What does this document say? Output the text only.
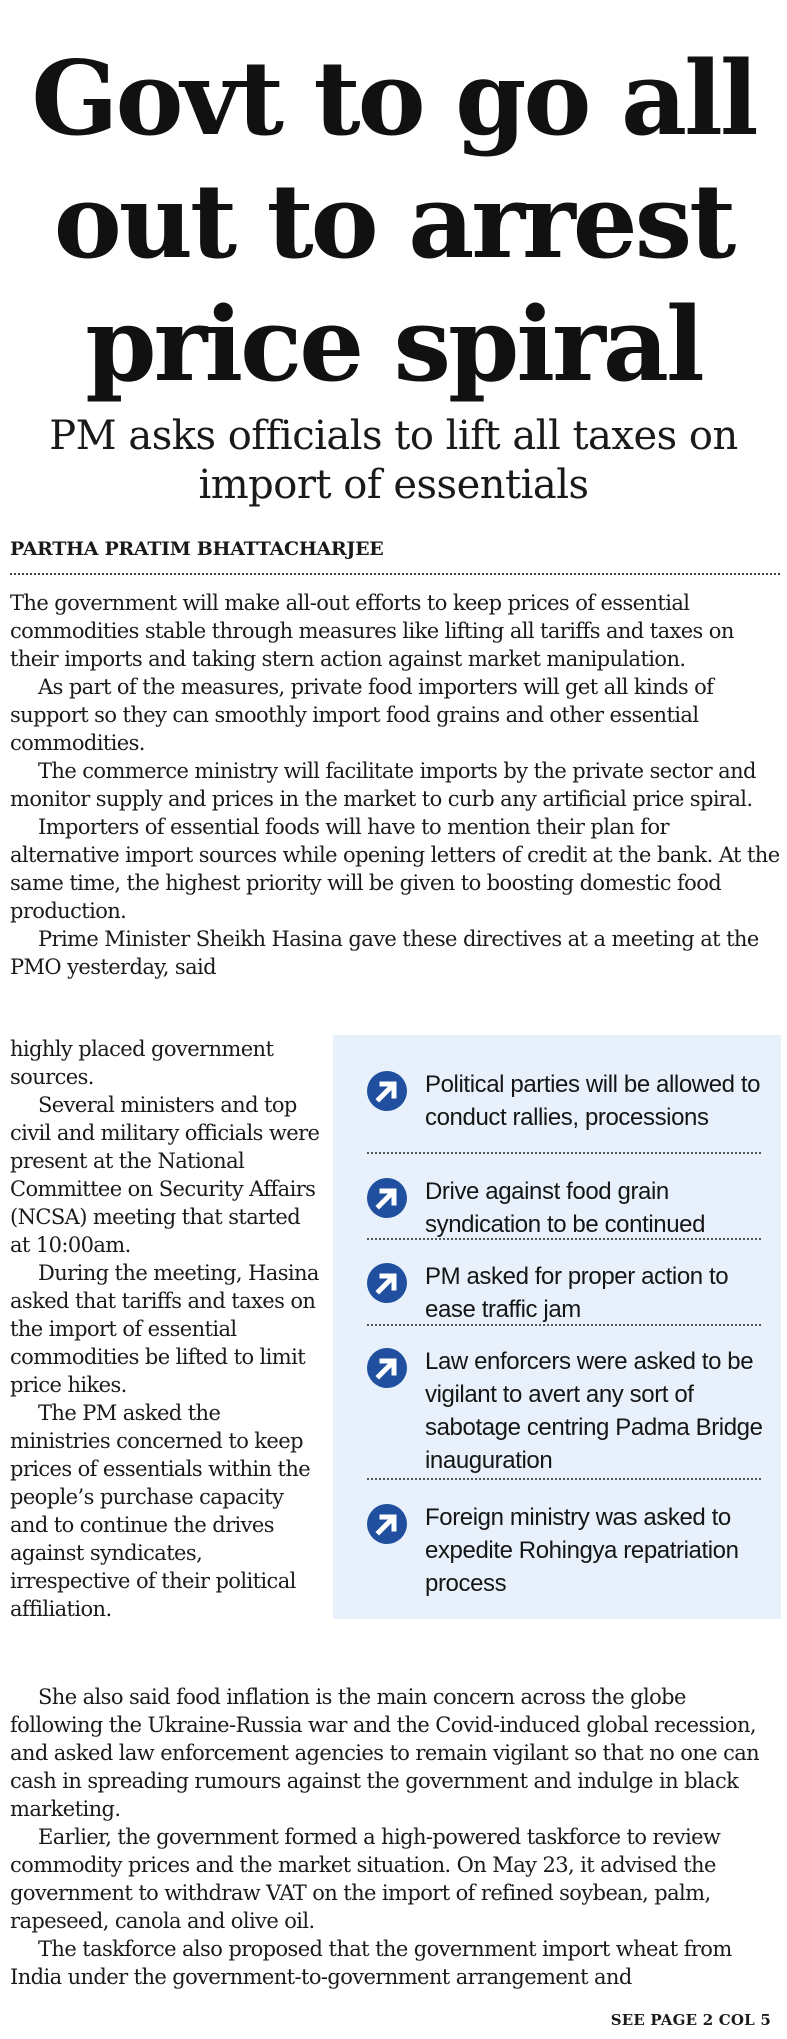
Govt to go all out to arrest price spiral
PM asks officials to lift all taxes on import of essentials
PARTHA PRATIM BHATTACHARJEE

The government will make all-out efforts to keep prices of essential commodities stable through measures like lifting all tariffs and taxes on their imports and taking stern action against market manipulation.

As part of the measures, private food importers will get all kinds of support so they can smoothly import food grains and other essential commodities.

The commerce ministry will facilitate imports by the private sector and monitor supply and prices in the market to curb any artificial price spiral.

Importers of essential foods will have to mention their plan for alternative import sources while opening letters of credit at the bank. At the same time, the highest priority will be given to boosting domestic food production.

Prime Minister Sheikh Hasina gave these directives at a meeting at the PMO yesterday, said

highly placed government sources.

Several ministers and top civil and military officials were present at the National Committee on Security Affairs (NCSA) meeting that started at 10:00am.

During the meeting, Hasina asked that tariffs and taxes on the import of essential commodities be lifted to limit price hikes.

The PM asked the ministries concerned to keep prices of essentials within the people’s purchase capacity and to continue the drives against syndicates, irrespective of their political affiliation.

Political parties will be allowed to conduct rallies, processions
Drive against food grain syndication to be continued
PM asked for proper action to ease traffic jam
Law enforcers were asked to be vigilant to avert any sort of sabotage centring Padma Bridge inauguration
Foreign ministry was asked to expedite Rohingya repatriation process

She also said food inflation is the main concern across the globe following the Ukraine-Russia war and the Covid-induced global recession, and asked law enforcement agencies to remain vigilant so that no one can cash in spreading rumours against the government and indulge in black marketing.

Earlier, the government formed a high-powered taskforce to review commodity prices and the market situation. On May 23, it advised the government to withdraw VAT on the import of refined soybean, palm, rapeseed, canola and olive oil.

The taskforce also proposed that the government import wheat from India under the government-to-government arrangement and

SEE PAGE 2 COL 5
